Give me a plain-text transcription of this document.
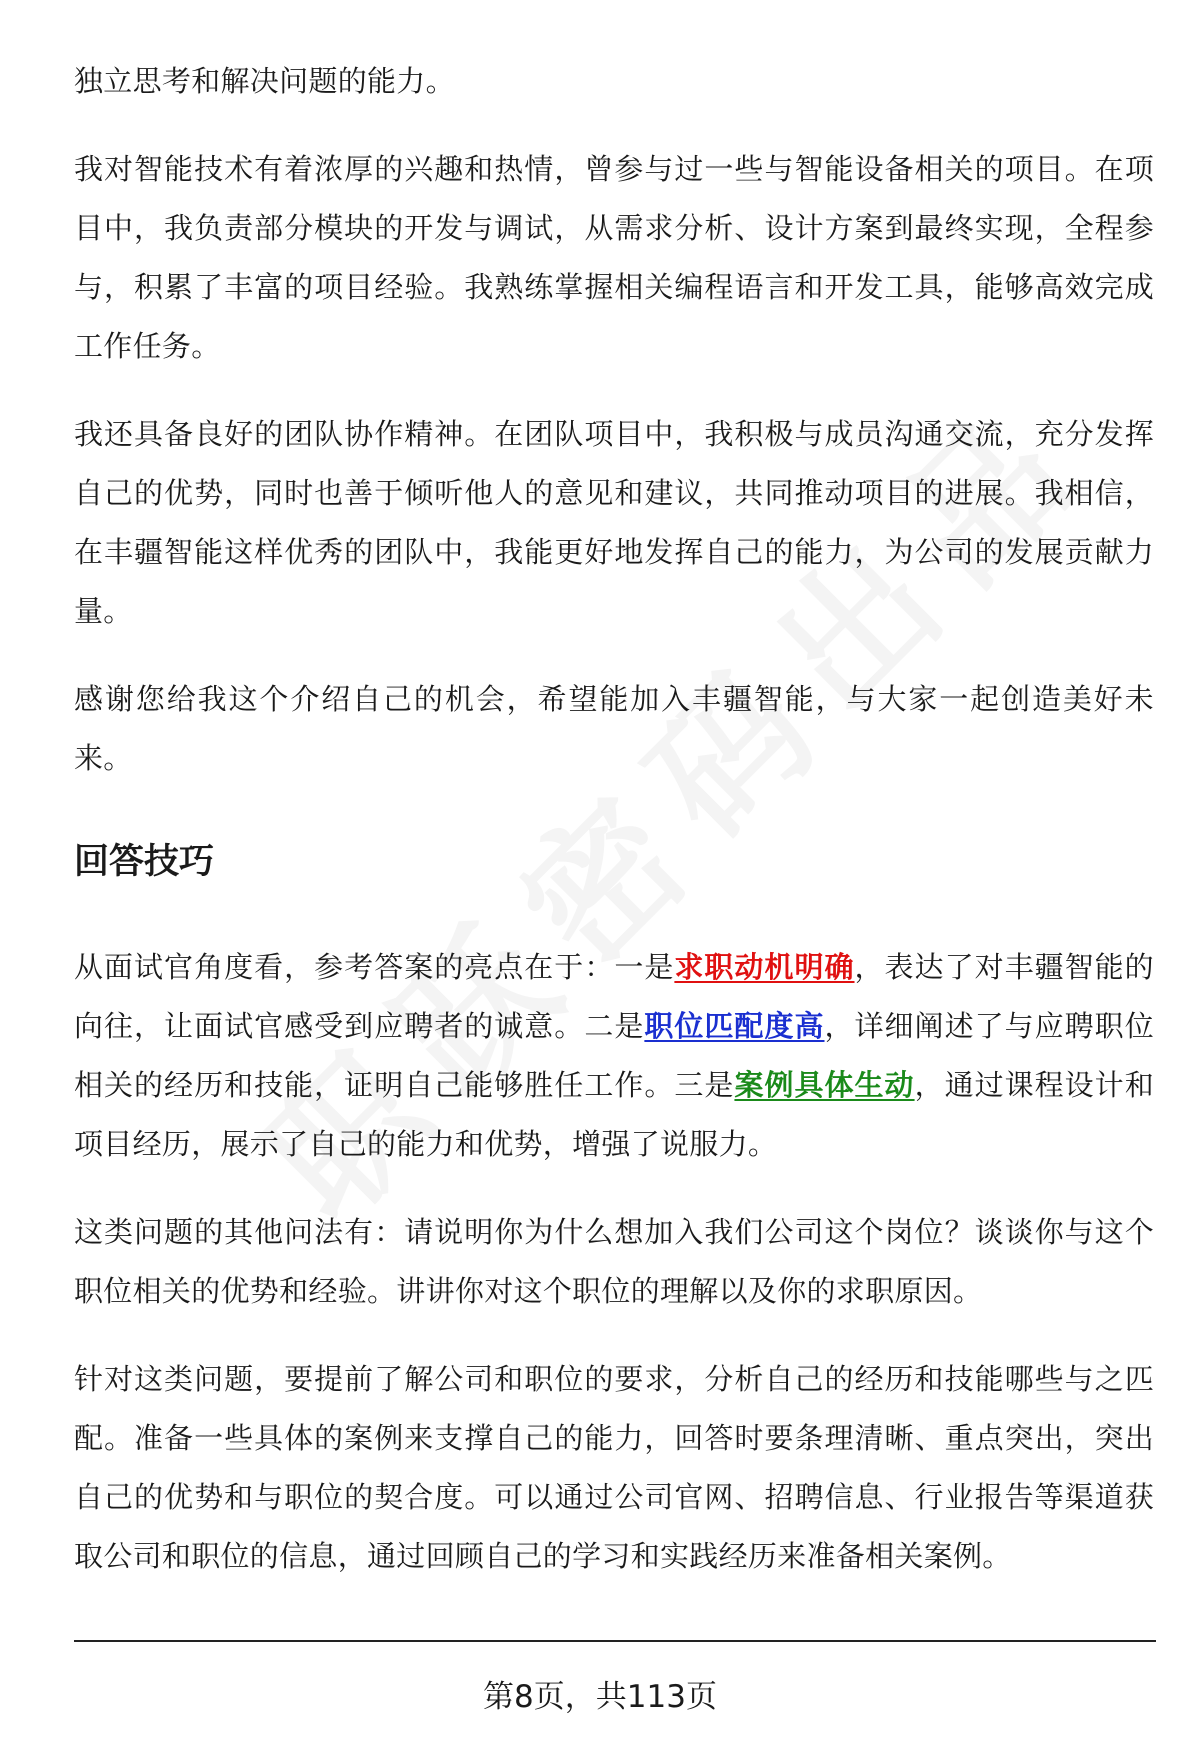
独立思考和解决问题的能力。

我对智能技术有着浓厚的兴趣和热情，曾参与过一些与智能设备相关的项目。在项目中，我负责部分模块的开发与调试，从需求分析、设计方案到最终实现，全程参与，积累了丰富的项目经验。我熟练掌握相关编程语言和开发工具，能够高效完成工作任务。

我还具备良好的团队协作精神。在团队项目中，我积极与成员沟通交流，充分发挥自己的优势，同时也善于倾听他人的意见和建议，共同推动项目的进展。我相信，在丰疆智能这样优秀的团队中，我能更好地发挥自己的能力，为公司的发展贡献力量。

感谢您给我这个介绍自己的机会，希望能加入丰疆智能，与大家一起创造美好未来。

回答技巧

从面试官角度看，参考答案的亮点在于：一是求职动机明确，表达了对丰疆智能的向往，让面试官感受到应聘者的诚意。二是职位匹配度高，详细阐述了与应聘职位相关的经历和技能，证明自己能够胜任工作。三是案例具体生动，通过课程设计和项目经历，展示了自己的能力和优势，增强了说服力。

这类问题的其他问法有：请说明你为什么想加入我们公司这个岗位？谈谈你与这个职位相关的优势和经验。讲讲你对这个职位的理解以及你的求职原因。

针对这类问题，要提前了解公司和职位的要求，分析自己的经历和技能哪些与之匹配。准备一些具体的案例来支撑自己的能力，回答时要条理清晰、重点突出，突出自己的优势和与职位的契合度。可以通过公司官网、招聘信息、行业报告等渠道获取公司和职位的信息，通过回顾自己的学习和实践经历来准备相关案例。

第8页，共113页
